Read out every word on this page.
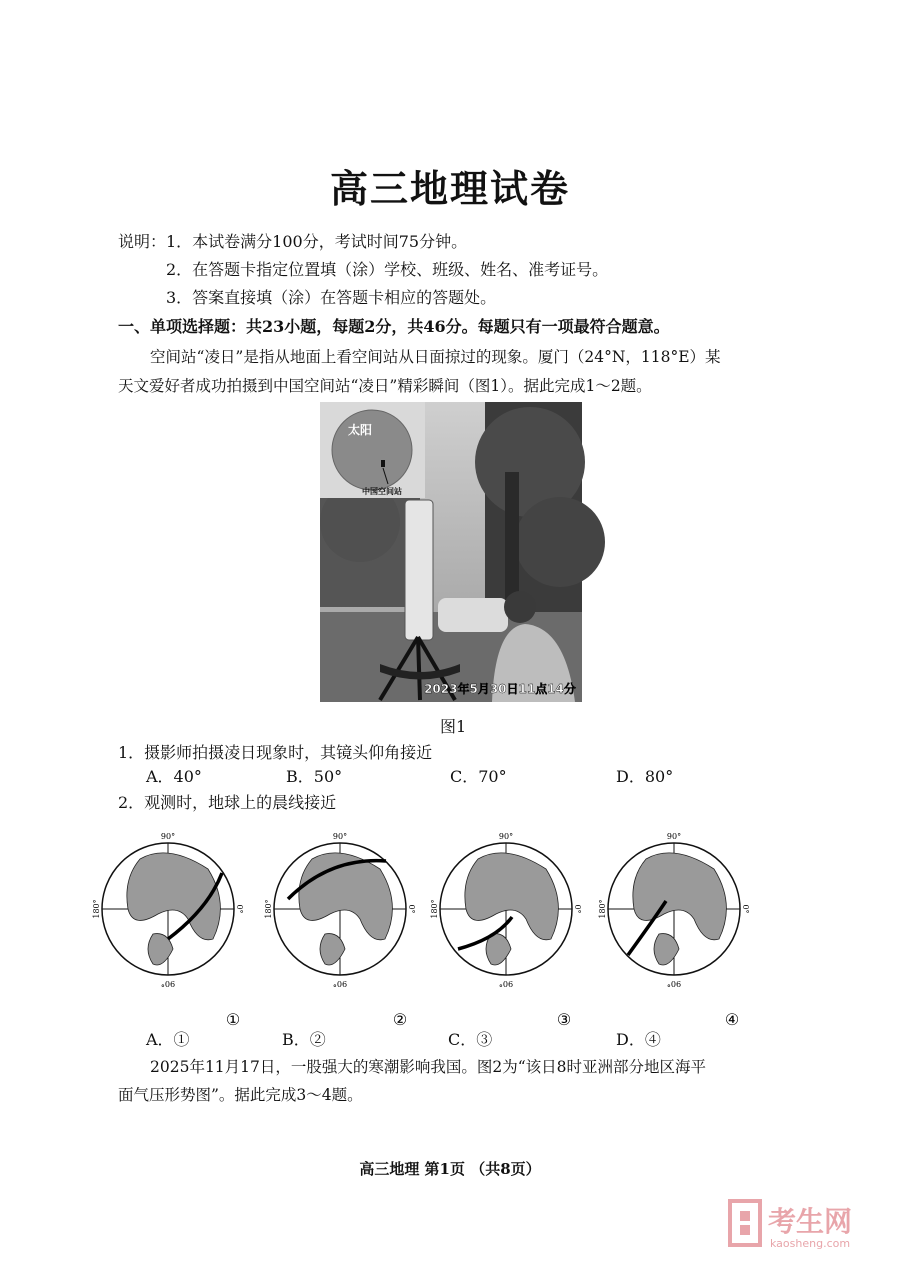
高三地理试卷
说明： 1．本试卷满分100分，考试时间75分钟。
2．在答题卡指定位置填（涂）学校、班级、姓名、准考证号。
3．答案直接填（涂）在答题卡相应的答题处。
一、单项选择题：共23小题，每题2分，共46分。每题只有一项最符合题意。
空间站“凌日”是指从地面上看空间站从日面掠过的现象。厦门（24°N，118°E）某
天文爱好者成功拍摄到中国空间站“凌日”精彩瞬间（图1）。据此完成1～2题。
中国空间站
太阳
2023年5月30日11点14分
图1
1．摄影师拍摄凌日现象时，其镜头仰角接近
A．40°	B．50°	C．70°	D．80°
2．观测时，地球上的晨线接近
90°
180°	0°
90°
①
90°
180°	0°
90°
②
90°
180°	0°
90°
③
90°
180°	0°
90°
④
A．①	B．②	C．③	D．④
2025年11月17日，一股强大的寒潮影响我国。图2为“该日8时亚洲部分地区海平
面气压形势图”。据此完成3～4题。
高三地理 第1页 （共8页）
考生网
kaosheng.com
